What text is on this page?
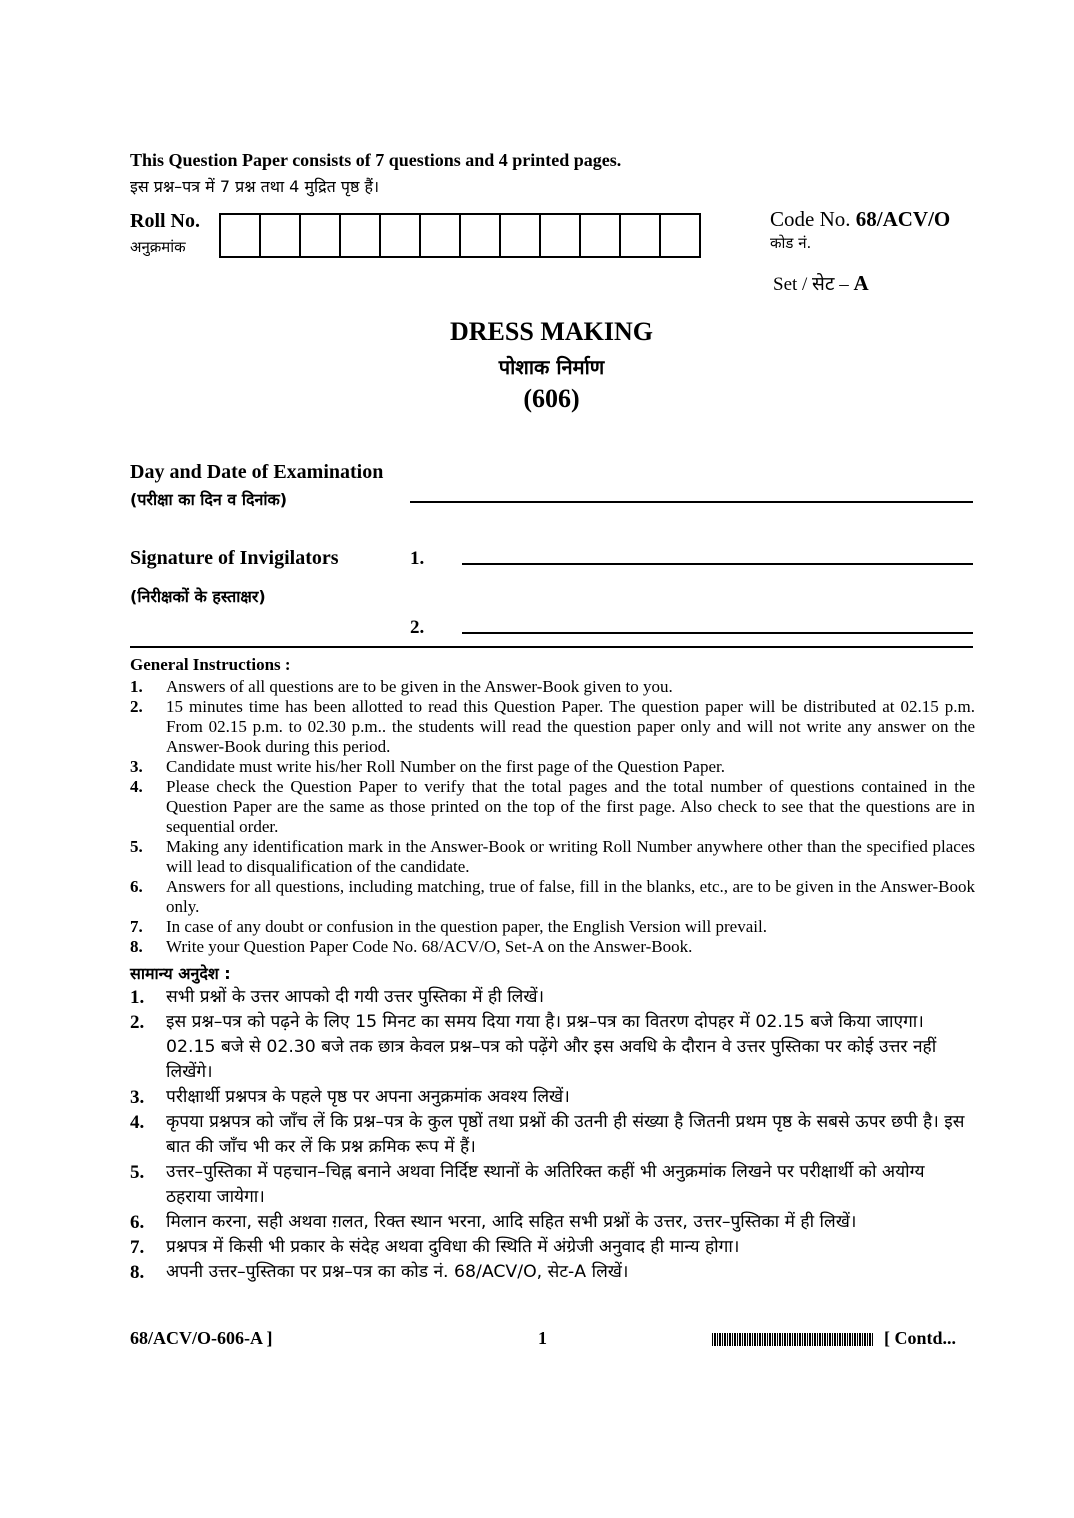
This Question Paper consists of 7 questions and 4 printed pages.
इस प्रश्न–पत्र में 7 प्रश्न तथा 4 मुद्रित पृष्ठ हैं।
Roll No.
अनुक्रमांक
Code No. 68/ACV/O
कोड नं.
Set / सेट – A
DRESS MAKING
पोशाक निर्माण
(606)
Day and Date of Examination
(परीक्षा का दिन व दिनांक)
Signature of Invigilators
(निरीक्षकों के हस्ताक्षर)
1.
2.
General Instructions :
1.	Answers of all questions are to be given in the Answer-Book given to you.
2.	15 minutes time has been allotted to read this Question Paper. The question paper will be distributed at 02.15 p.m. From 02.15 p.m. to 02.30 p.m.. the students will read the question paper only and will not write any answer on the Answer-Book during this period.
3.	Candidate must write his/her Roll Number on the first page of the Question Paper.
4.	Please check the Question Paper to verify that the total pages and the total number of questions contained in the Question Paper are the same as those printed on the top of the first page. Also check to see that the questions are in sequential order.
5.	Making any identification mark in the Answer-Book or writing Roll Number anywhere other than the specified places will lead to disqualification of the candidate.
6.	Answers for all questions, including matching, true of false, fill in the blanks, etc., are to be given in the Answer-Book only.
7.	In case of any doubt or confusion in the question paper, the English Version will prevail.
8.	Write your Question Paper Code No. 68/ACV/O, Set-A on the Answer-Book.
सामान्य अनुदेश :
1.	सभी प्रश्नों के उत्तर आपको दी गयी उत्तर पुस्तिका में ही लिखें।
2.	इस प्रश्न–पत्र को पढ़ने के लिए 15 मिनट का समय दिया गया है। प्रश्न–पत्र का वितरण दोपहर में 02.15 बजे किया जाएगा। 02.15 बजे से 02.30 बजे तक छात्र केवल प्रश्न–पत्र को पढ़ेंगे और इस अवधि के दौरान वे उत्तर पुस्तिका पर कोई उत्तर नहीं लिखेंगे।
3.	परीक्षार्थी प्रश्नपत्र के पहले पृष्ठ पर अपना अनुक्रमांक अवश्य लिखें।
4.	कृपया प्रश्नपत्र को जाँच लें कि प्रश्न–पत्र के कुल पृष्ठों तथा प्रश्नों की उतनी ही संख्या है जितनी प्रथम पृष्ठ के सबसे ऊपर छपी है। इस बात की जाँच भी कर लें कि प्रश्न क्रमिक रूप में हैं।
5.	उत्तर–पुस्तिका में पहचान–चिह्न बनाने अथवा निर्दिष्ट स्थानों के अतिरिक्त कहीं भी अनुक्रमांक लिखने पर परीक्षार्थी को अयोग्य ठहराया जायेगा।
6.	मिलान करना, सही अथवा ग़लत, रिक्त स्थान भरना, आदि सहित सभी प्रश्नों के उत्तर, उत्तर–पुस्तिका में ही लिखें।
7.	प्रश्नपत्र में किसी भी प्रकार के संदेह अथवा दुविधा की स्थिति में अंग्रेजी अनुवाद ही मान्य होगा।
8.	अपनी उत्तर–पुस्तिका पर प्रश्न–पत्र का कोड नं. 68/ACV/O, सेट-A लिखें।
68/ACV/O-606-A ]	1	[ Contd...
